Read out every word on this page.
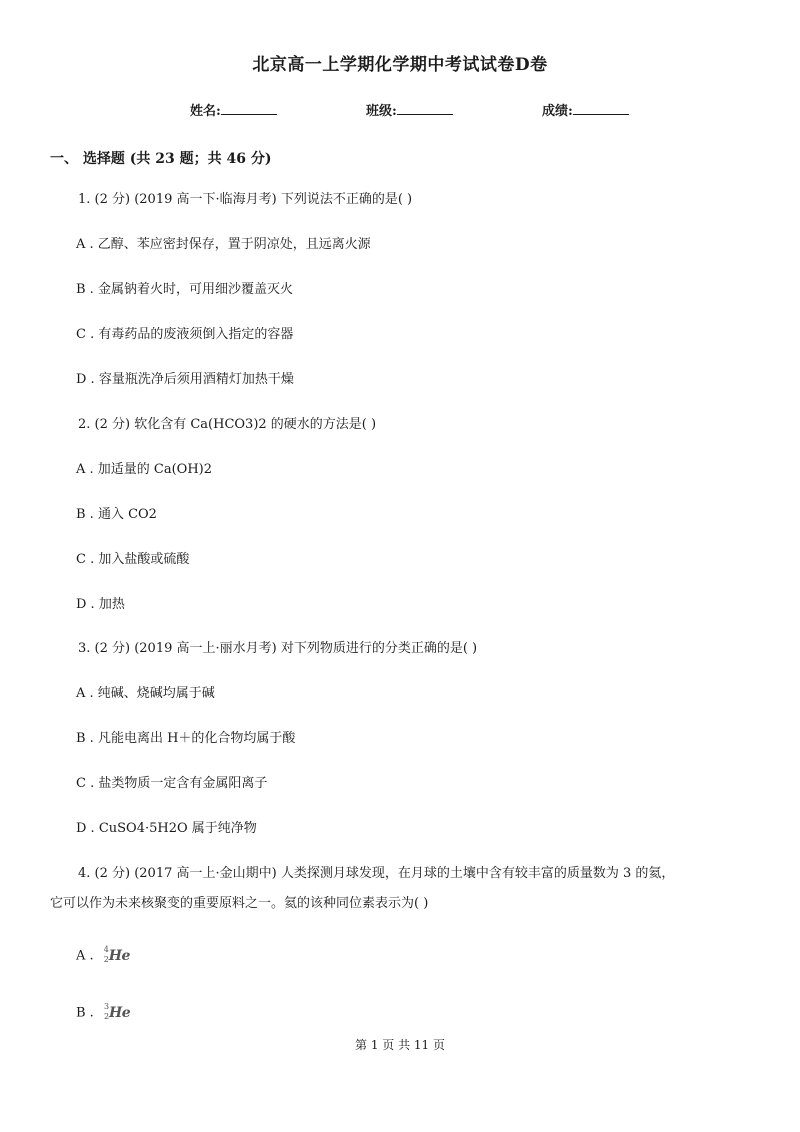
北京高一上学期化学期中考试试卷D卷
姓名:	班级:	成绩:
一、 选择题 (共 23 题；共 46 分)
1. (2 分) (2019 高一下·临海月考) 下列说法不正确的是( )
A . 乙醇、苯应密封保存，置于阴凉处，且远离火源
B . 金属钠着火时，可用细沙覆盖灭火
C . 有毒药品的废液须倒入指定的容器
D . 容量瓶洗净后须用酒精灯加热干燥
2. (2 分) 软化含有 Ca(HCO3)2 的硬水的方法是( )
A . 加适量的 Ca(OH)2
B . 通入 CO2
C . 加入盐酸或硫酸
D . 加热
3. (2 分) (2019 高一上·丽水月考) 对下列物质进行的分类正确的是( )
A . 纯碱、烧碱均属于碱
B . 凡能电离出 H＋的化合物均属于酸
C . 盐类物质一定含有金属阳离子
D . CuSO4·5H2O 属于纯净物
4. (2 分) (2017 高一上·金山期中) 人类探测月球发现，在月球的土壤中含有较丰富的质量数为 3 的氦，
它可以作为未来核聚变的重要原料之一。氦的该种同位素表示为( )
A . 4
2 He
B . 3
2 He
第 1 页 共 11 页
